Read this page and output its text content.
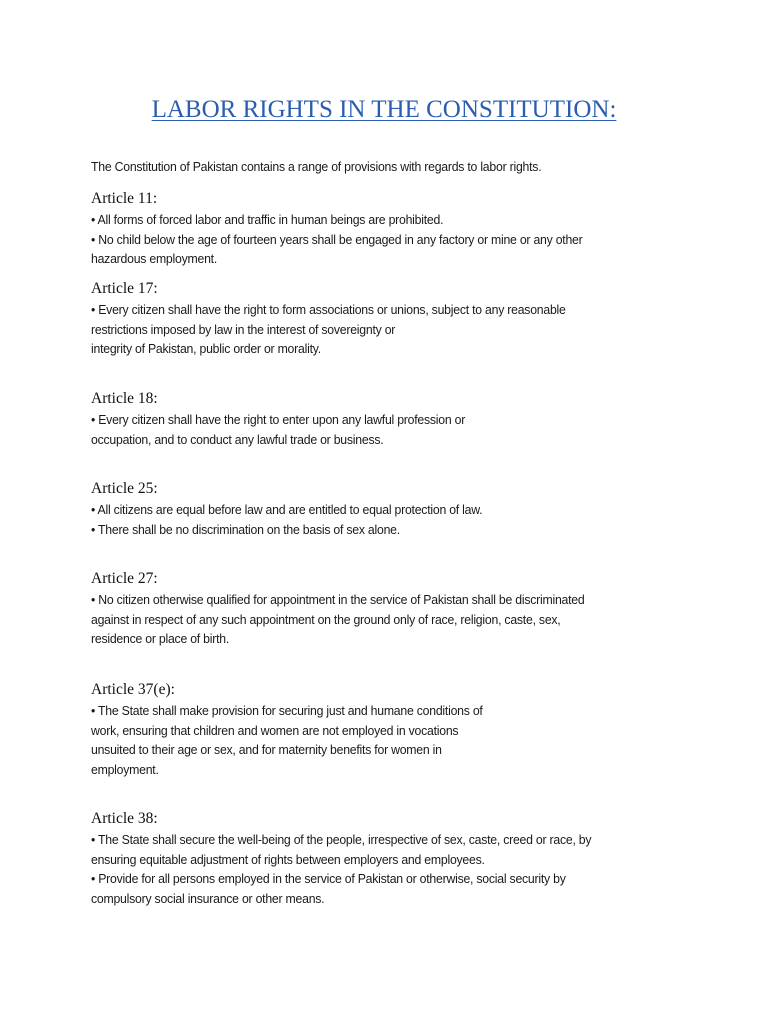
LABOR RIGHTS IN THE CONSTITUTION:
The Constitution of Pakistan contains a range of provisions with regards to labor rights.
Article 11:
• All forms of forced labor and traffic in human beings are prohibited.
• No child below the age of fourteen years shall be engaged in any factory or mine or any other
hazardous employment.
Article 17:
• Every citizen shall have the right to form associations or unions, subject to any reasonable
restrictions imposed by law in the interest of sovereignty or
integrity of Pakistan, public order or morality.
Article 18:
• Every citizen shall have the right to enter upon any lawful profession or
occupation, and to conduct any lawful trade or business.
Article 25:
• All citizens are equal before law and are entitled to equal protection of law.
• There shall be no discrimination on the basis of sex alone.
Article 27:
• No citizen otherwise qualified for appointment in the service of Pakistan shall be discriminated
against in respect of any such appointment on the ground only of race, religion, caste, sex,
residence or place of birth.
Article 37(e):
• The State shall make provision for securing just and humane conditions of
work, ensuring that children and women are not employed in vocations
unsuited to their age or sex, and for maternity benefits for women in
employment.
Article 38:
• The State shall secure the well-being of the people, irrespective of sex, caste, creed or race, by
ensuring equitable adjustment of rights between employers and employees.
• Provide for all persons employed in the service of Pakistan or otherwise, social security by
compulsory social insurance or other means.
